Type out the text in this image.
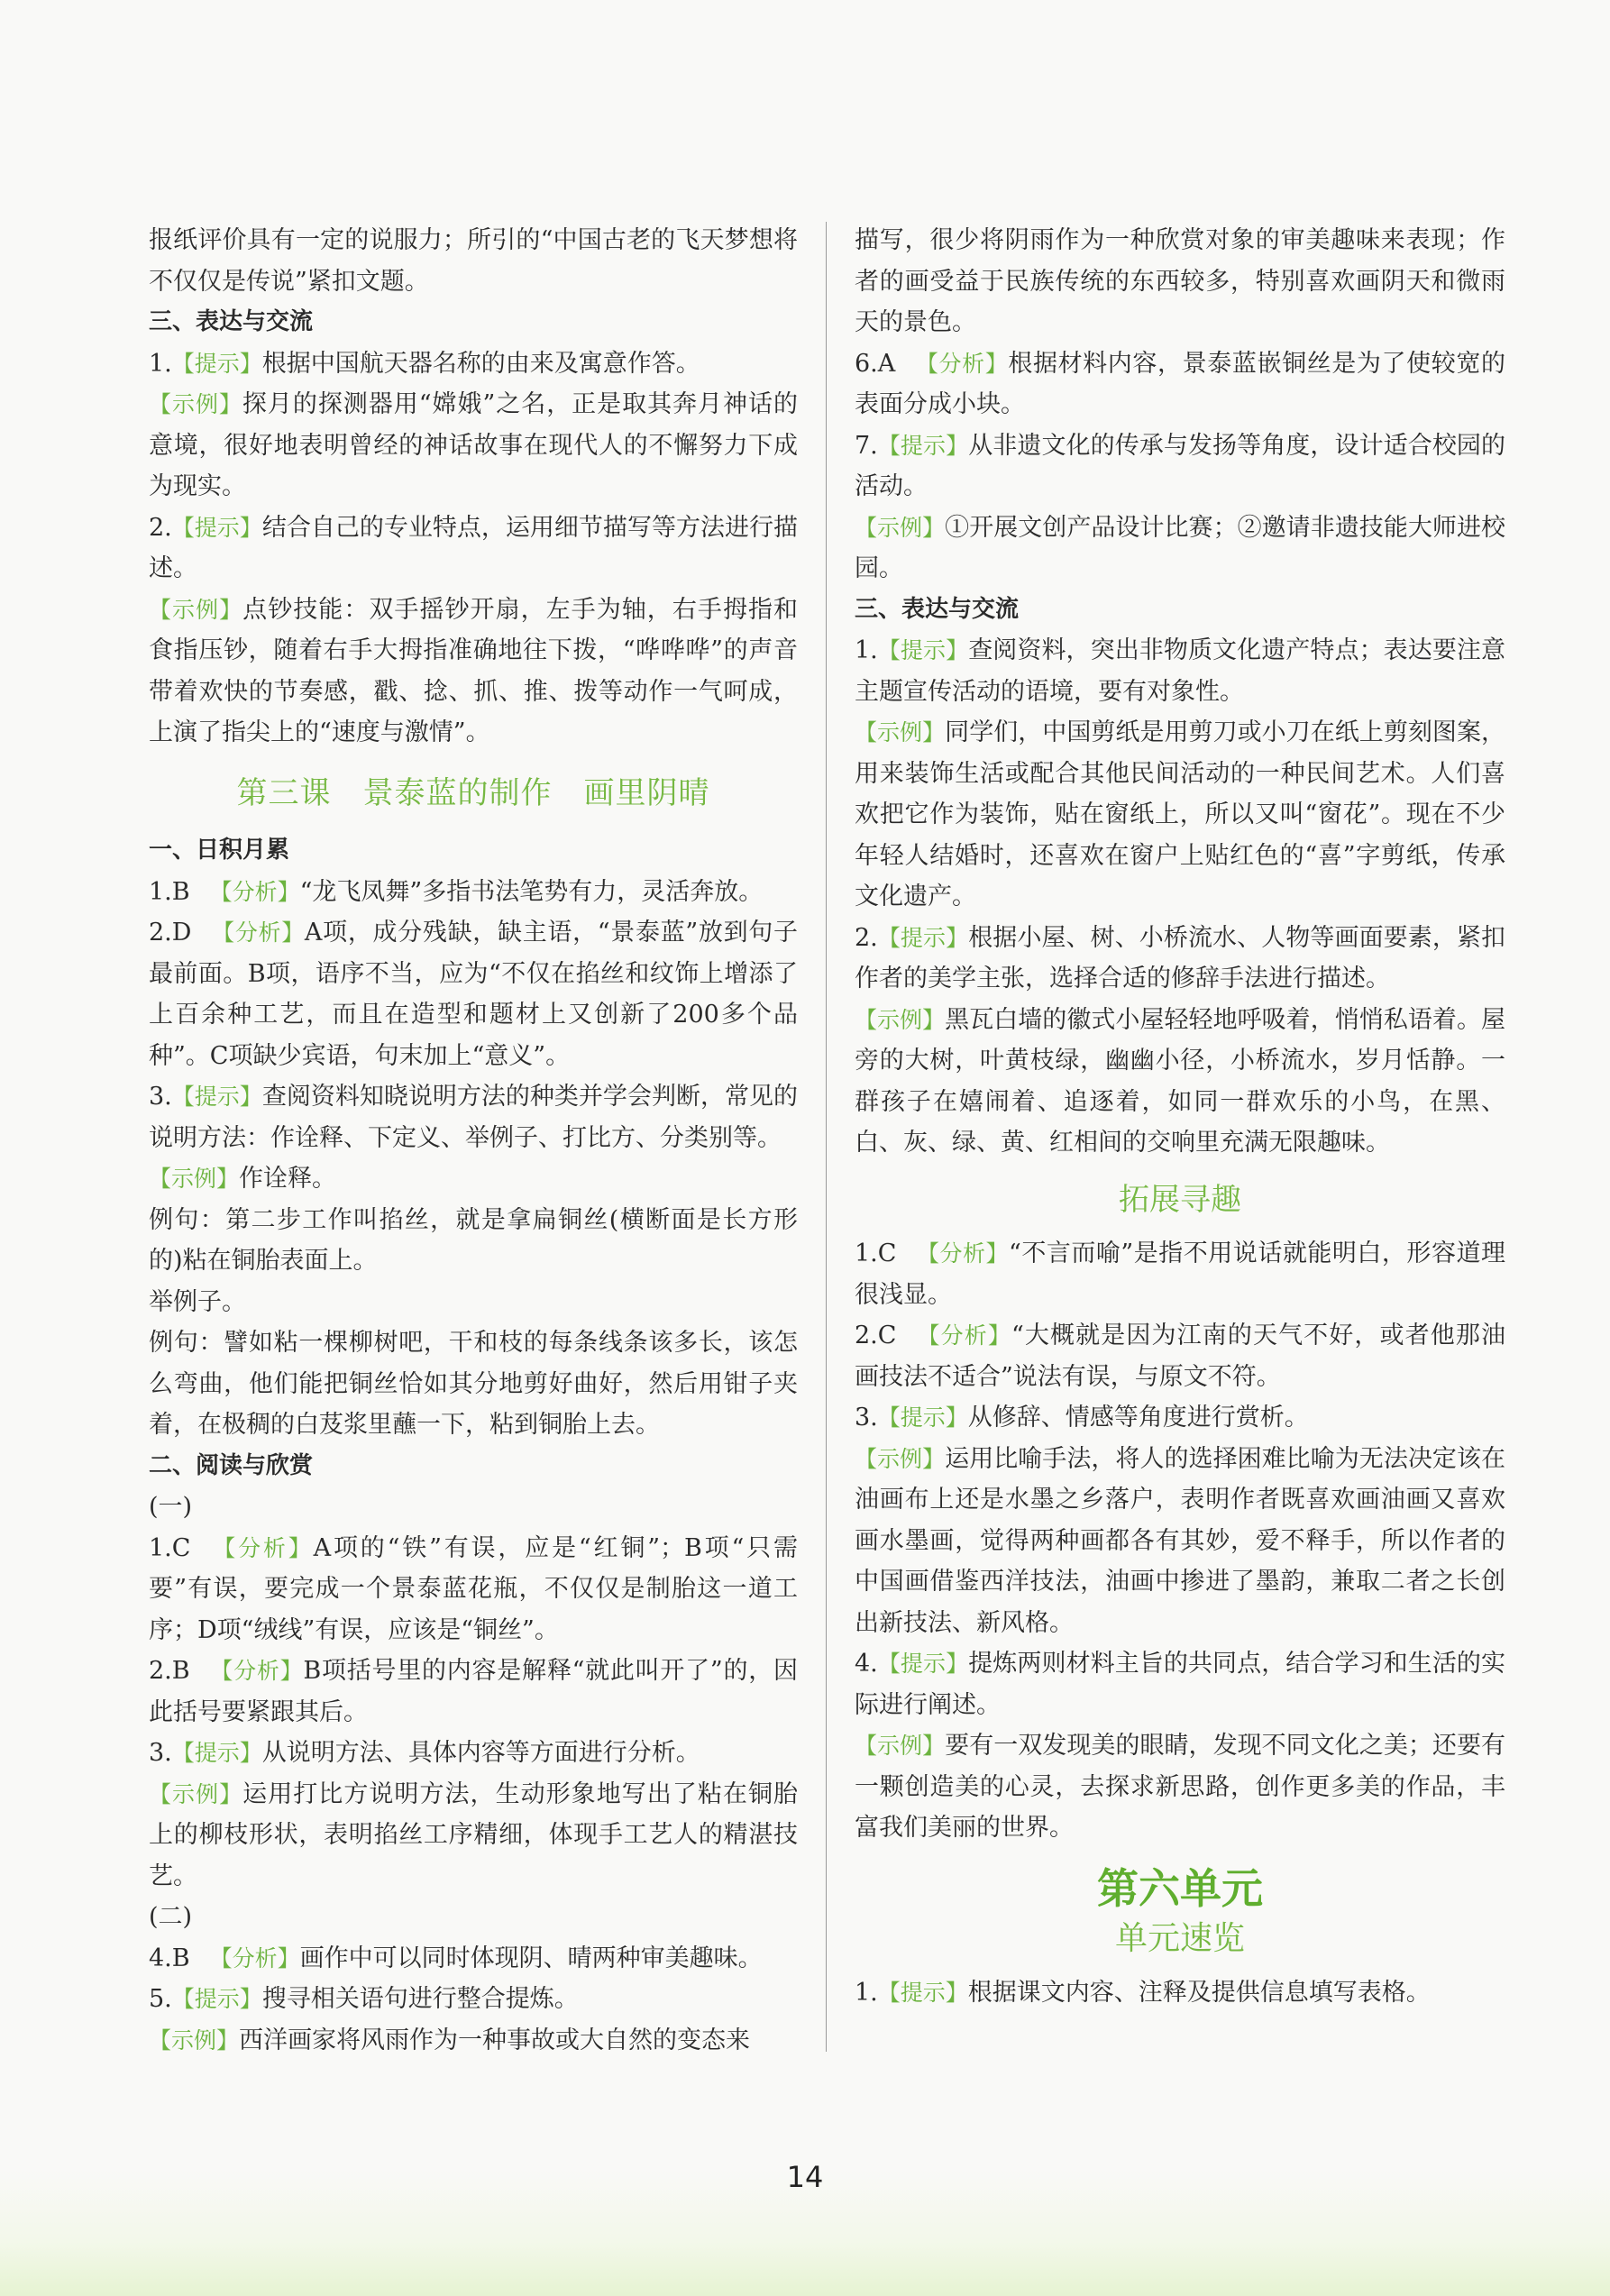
报纸评价具有一定的说服力；所引的“中国古老的飞天梦想将不仅仅是传说”紧扣文题。

三、表达与交流

1.【提示】根据中国航天器名称的由来及寓意作答。

【示例】探月的探测器用“嫦娥”之名，正是取其奔月神话的意境，很好地表明曾经的神话故事在现代人的不懈努力下成为现实。

2.【提示】结合自己的专业特点，运用细节描写等方法进行描述。

【示例】点钞技能：双手摇钞开扇，左手为轴，右手拇指和食指压钞，随着右手大拇指准确地往下拨，“哗哗哗”的声音带着欢快的节奏感，戳、捻、抓、推、拨等动作一气呵成，上演了指尖上的“速度与激情”。

第三课　景泰蓝的制作　画里阴晴

一、日积月累

1.B 【分析】“龙飞凤舞”多指书法笔势有力，灵活奔放。

2.D 【分析】A项，成分残缺，缺主语，“景泰蓝”放到句子最前面。B项，语序不当，应为“不仅在掐丝和纹饰上增添了上百余种工艺，而且在造型和题材上又创新了200多个品种”。C项缺少宾语，句末加上“意义”。

3.【提示】查阅资料知晓说明方法的种类并学会判断，常见的说明方法：作诠释、下定义、举例子、打比方、分类别等。

【示例】作诠释。

例句：第二步工作叫掐丝，就是拿扁铜丝(横断面是长方形的)粘在铜胎表面上。

举例子。

例句：譬如粘一棵柳树吧，干和枝的每条线条该多长，该怎么弯曲，他们能把铜丝恰如其分地剪好曲好，然后用钳子夹着，在极稠的白芨浆里蘸一下，粘到铜胎上去。

二、阅读与欣赏

(一)

1.C 【分析】A项的“铁”有误，应是“红铜”；B项“只需要”有误，要完成一个景泰蓝花瓶，不仅仅是制胎这一道工序；D项“绒线”有误，应该是“铜丝”。

2.B 【分析】B项括号里的内容是解释“就此叫开了”的，因此括号要紧跟其后。

3.【提示】从说明方法、具体内容等方面进行分析。

【示例】运用打比方说明方法，生动形象地写出了粘在铜胎上的柳枝形状，表明掐丝工序精细，体现手工艺人的精湛技艺。

(二)

4.B 【分析】画作中可以同时体现阴、晴两种审美趣味。

5.【提示】搜寻相关语句进行整合提炼。

【示例】西洋画家将风雨作为一种事故或大自然的变态来

描写，很少将阴雨作为一种欣赏对象的审美趣味来表现；作者的画受益于民族传统的东西较多，特别喜欢画阴天和微雨天的景色。

6.A 【分析】根据材料内容，景泰蓝嵌铜丝是为了使较宽的表面分成小块。

7.【提示】从非遗文化的传承与发扬等角度，设计适合校园的活动。

【示例】①开展文创产品设计比赛；②邀请非遗技能大师进校园。

三、表达与交流

1.【提示】查阅资料，突出非物质文化遗产特点；表达要注意主题宣传活动的语境，要有对象性。

【示例】同学们，中国剪纸是用剪刀或小刀在纸上剪刻图案，用来装饰生活或配合其他民间活动的一种民间艺术。人们喜欢把它作为装饰，贴在窗纸上，所以又叫“窗花”。现在不少年轻人结婚时，还喜欢在窗户上贴红色的“喜”字剪纸，传承文化遗产。

2.【提示】根据小屋、树、小桥流水、人物等画面要素，紧扣作者的美学主张，选择合适的修辞手法进行描述。

【示例】黑瓦白墙的徽式小屋轻轻地呼吸着，悄悄私语着。屋旁的大树，叶黄枝绿，幽幽小径，小桥流水，岁月恬静。一群孩子在嬉闹着、追逐着，如同一群欢乐的小鸟，在黑、白、灰、绿、黄、红相间的交响里充满无限趣味。

拓展寻趣

1.C 【分析】“不言而喻”是指不用说话就能明白，形容道理很浅显。

2.C 【分析】“大概就是因为江南的天气不好，或者他那油画技法不适合”说法有误，与原文不符。

3.【提示】从修辞、情感等角度进行赏析。

【示例】运用比喻手法，将人的选择困难比喻为无法决定该在油画布上还是水墨之乡落户，表明作者既喜欢画油画又喜欢画水墨画，觉得两种画都各有其妙，爱不释手，所以作者的中国画借鉴西洋技法，油画中掺进了墨韵，兼取二者之长创出新技法、新风格。

4.【提示】提炼两则材料主旨的共同点，结合学习和生活的实际进行阐述。

【示例】要有一双发现美的眼睛，发现不同文化之美；还要有一颗创造美的心灵，去探求新思路，创作更多美的作品，丰富我们美丽的世界。

第六单元
单元速览

1.【提示】根据课文内容、注释及提供信息填写表格。

14
